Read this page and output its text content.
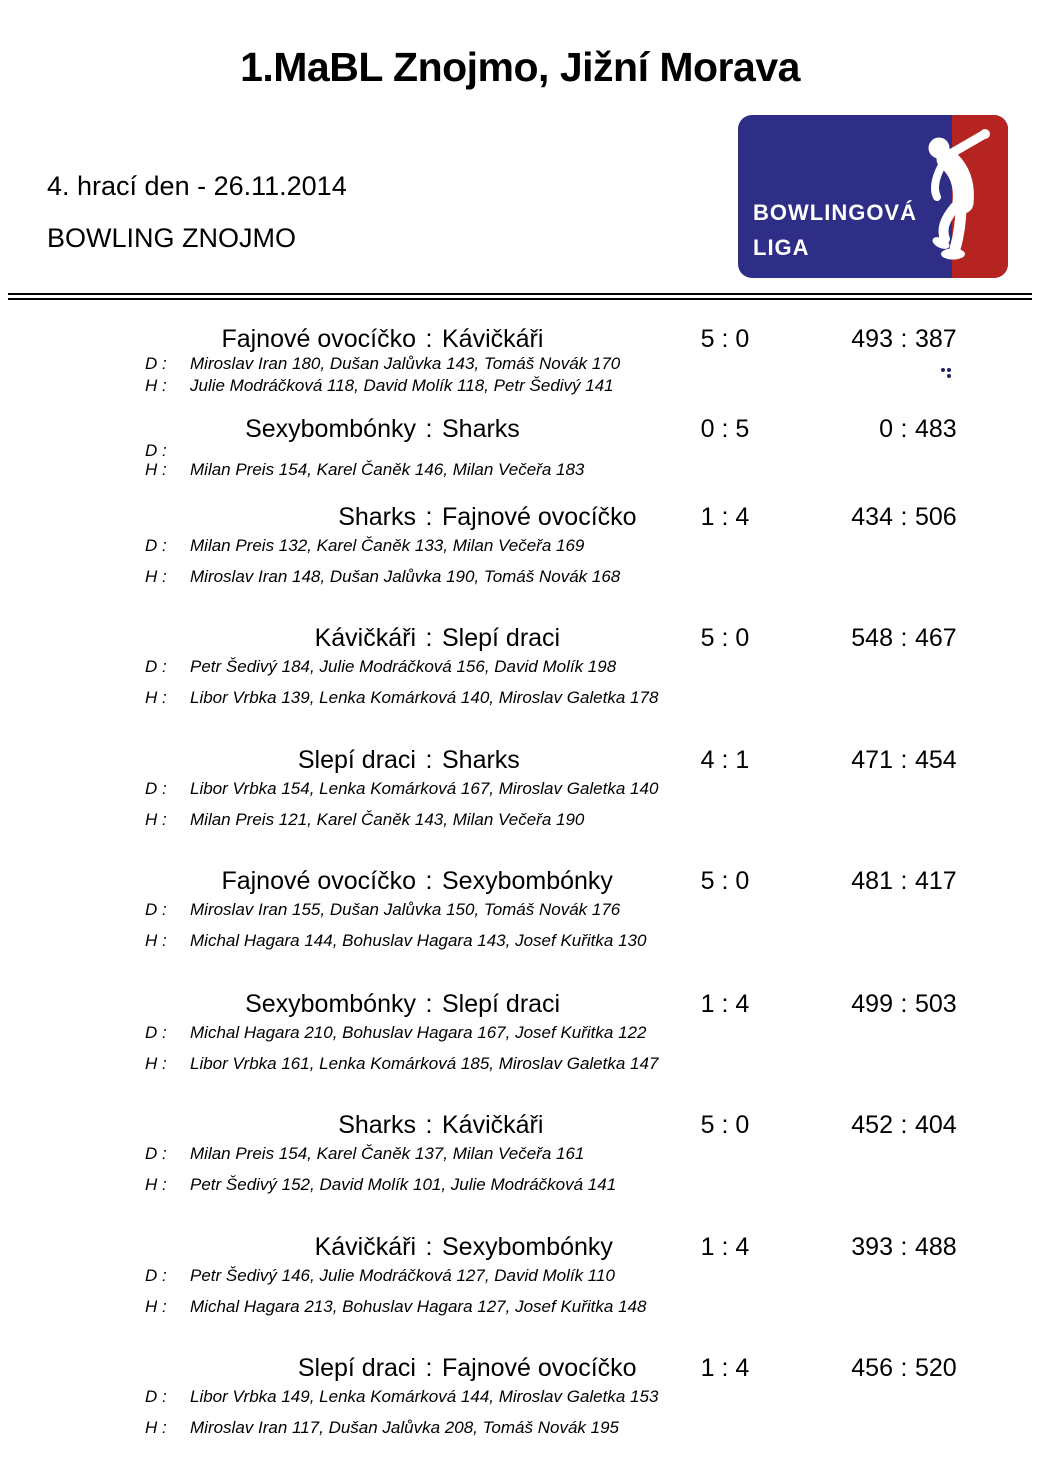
1.MaBL Znojmo, Jižní Morava
4. hrací den - 26.11.2014
BOWLING ZNOJMO
BOWLINGOVÁ
LIGA
ČBA
Fajnové ovocíčko : Kávičkáři	5 : 0	493 : 387
D : Miroslav Iran 180, Dušan Jalůvka 143, Tomáš Novák 170
H : Julie Modráčková 118, David Molík 118, Petr Šedivý 141
Sexybombónky : Sharks	0 : 5	0 : 483
D :
H : Milan Preis 154, Karel Čaněk 146, Milan Večeřa 183
Sharks : Fajnové ovocíčko	1 : 4	434 : 506
D : Milan Preis 132, Karel Čaněk 133, Milan Večeřa 169
H : Miroslav Iran 148, Dušan Jalůvka 190, Tomáš Novák 168
Kávičkáři : Slepí draci	5 : 0	548 : 467
D : Petr Šedivý 184, Julie Modráčková 156, David Molík 198
H : Libor Vrbka 139, Lenka Komárková 140, Miroslav Galetka 178
Slepí draci : Sharks	4 : 1	471 : 454
D : Libor Vrbka 154, Lenka Komárková 167, Miroslav Galetka 140
H : Milan Preis 121, Karel Čaněk 143, Milan Večeřa 190
Fajnové ovocíčko : Sexybombónky	5 : 0	481 : 417
D : Miroslav Iran 155, Dušan Jalůvka 150, Tomáš Novák 176
H : Michal Hagara 144, Bohuslav Hagara 143, Josef Kuřitka 130
Sexybombónky : Slepí draci	1 : 4	499 : 503
D : Michal Hagara 210, Bohuslav Hagara 167, Josef Kuřitka 122
H : Libor Vrbka 161, Lenka Komárková 185, Miroslav Galetka 147
Sharks : Kávičkáři	5 : 0	452 : 404
D : Milan Preis 154, Karel Čaněk 137, Milan Večeřa 161
H : Petr Šedivý 152, David Molík 101, Julie Modráčková 141
Kávičkáři : Sexybombónky	1 : 4	393 : 488
D : Petr Šedivý 146, Julie Modráčková 127, David Molík 110
H : Michal Hagara 213, Bohuslav Hagara 127, Josef Kuřitka 148
Slepí draci : Fajnové ovocíčko	1 : 4	456 : 520
D : Libor Vrbka 149, Lenka Komárková 144, Miroslav Galetka 153
H : Miroslav Iran 117, Dušan Jalůvka 208, Tomáš Novák 195
